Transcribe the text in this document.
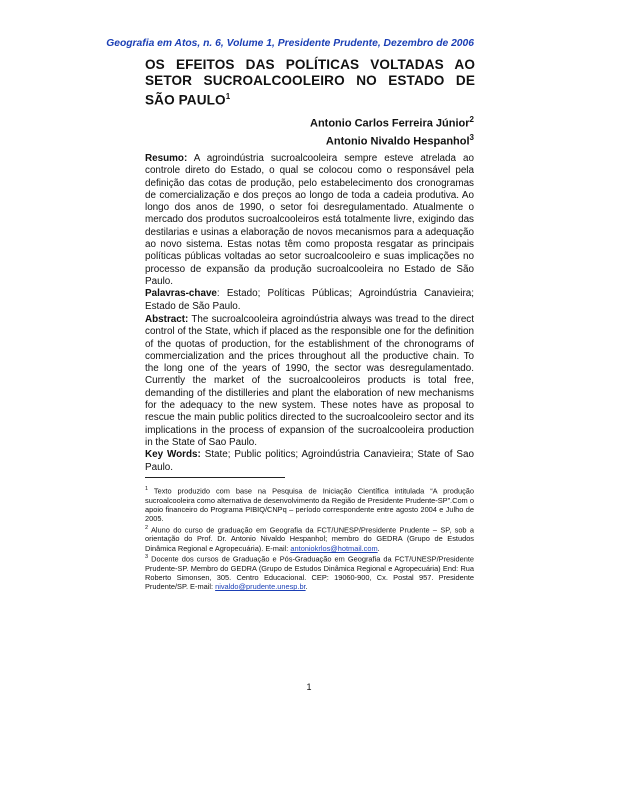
Geografia em Atos, n. 6, Volume 1, Presidente Prudente, Dezembro de 2006
OS EFEITOS DAS POLÍTICAS VOLTADAS AO SETOR SUCROALCOOLEIRO NO ESTADO DE SÃO PAULO$^1$
Antonio Carlos Ferreira Júnior$^2$
Antonio Nivaldo Hespanhol$^3$
Resumo: A agroindústria sucroalcooleira sempre esteve atrelada ao controle direto do Estado, o qual se colocou como o responsável pela definição das cotas de produção, pelo estabelecimento dos cronogramas de comercialização e dos preços ao longo de toda a cadeia produtiva. Ao longo dos anos de 1990, o setor foi desregulamentado. Atualmente o mercado dos produtos sucroalcooleiros está totalmente livre, exigindo das destilarias e usinas a elaboração de novos mecanismos para a adequação ao novo sistema. Estas notas têm como proposta resgatar as principais políticas públicas voltadas ao setor sucroalcooleiro e suas implicações no processo de expansão da produção sucroalcooleira no Estado de São Paulo.
Palavras-chave: Estado; Políticas Públicas; Agroindústria Canavieira; Estado de São Paulo.
Abstract: The sucroalcooleira agroindústria always was tread to the direct control of the State, which if placed as the responsible one for the definition of the quotas of production, for the establishment of the chronograms of commercialization and the prices throughout all the productive chain. To the long one of the years of 1990, the sector was desregulamentado. Currently the market of the sucroalcooleiros products is total free, demanding of the distilleries and plant the elaboration of new mechanisms for the adequacy to the new system. These notes have as proposal to rescue the main public politics directed to the sucroalcooleiro sector and its implications in the process of expansion of the sucroalcooleira production in the State of Sao Paulo.
Key Words: State; Public politics; Agroindústria Canavieira; State of Sao Paulo.

$^1$ Texto produzido com base na Pesquisa de Iniciação Científica intitulada “A produção sucroalcooleira como alternativa de desenvolvimento da Região de Presidente Prudente-SP”.Com o apoio financeiro do Programa PIBIQ/CNPq – período correspondente entre agosto 2004 e Julho de 2005.

$^2$ Aluno do curso de graduação em Geografia da FCT/UNESP/Presidente Prudente – SP, sob a orientação do Prof. Dr. Antonio Nivaldo Hespanhol; membro do GEDRA (Grupo de Estudos Dinâmica Regional e Agropecuária). E-mail: antoniokrlos@hotmail.com.

$^3$ Docente dos cursos de Graduação e Pós-Graduação em Geografia da FCT/UNESP/Presidente Prudente-SP. Membro do GEDRA (Grupo de Estudos Dinâmica Regional e Agropecuária) End: Rua Roberto Simonsen, 305. Centro Educacional. CEP: 19060-900, Cx. Postal 957. Presidente Prudente/SP. E-mail: nivaldo@prudente.unesp.br.

1
